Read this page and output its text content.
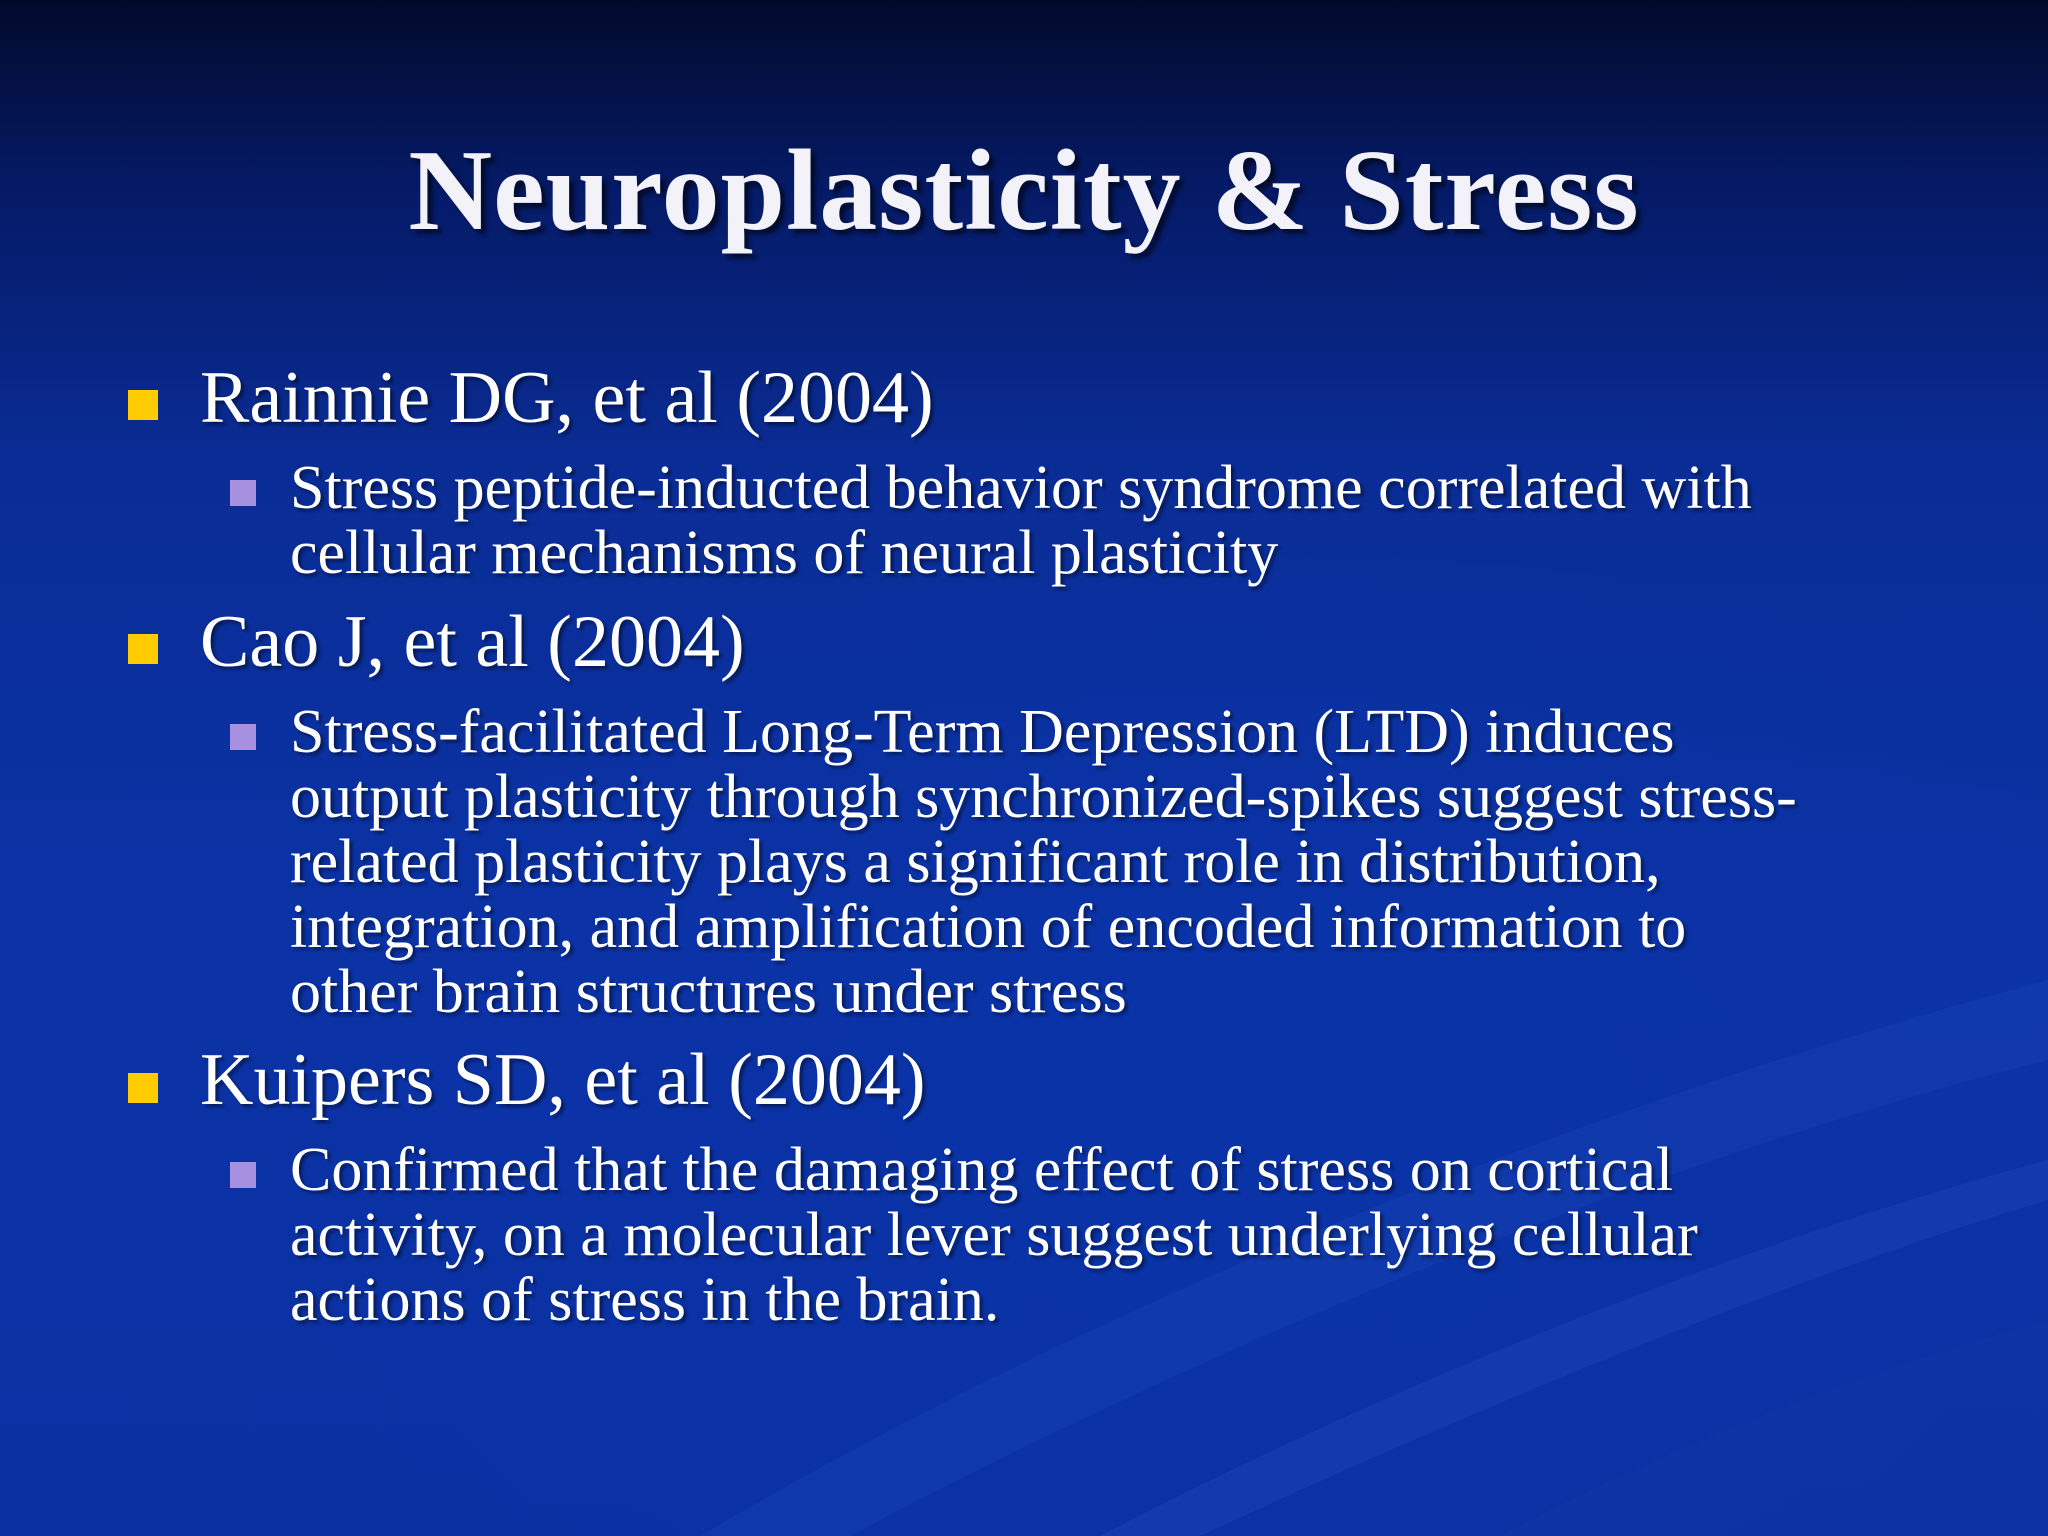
Neuroplasticity & Stress
Rainnie DG, et al (2004)
Stress peptide-inducted behavior syndrome correlated with
cellular mechanisms of neural plasticity
Cao J, et al (2004)
Stress-facilitated Long-Term Depression (LTD) induces
output plasticity through synchronized-spikes suggest stress-
related plasticity plays a significant role in distribution,
integration, and amplification of encoded information to
other brain structures under stress
Kuipers SD, et al (2004)
Confirmed that the damaging effect of stress on cortical
activity, on a molecular lever suggest underlying cellular
actions of stress in the brain.
